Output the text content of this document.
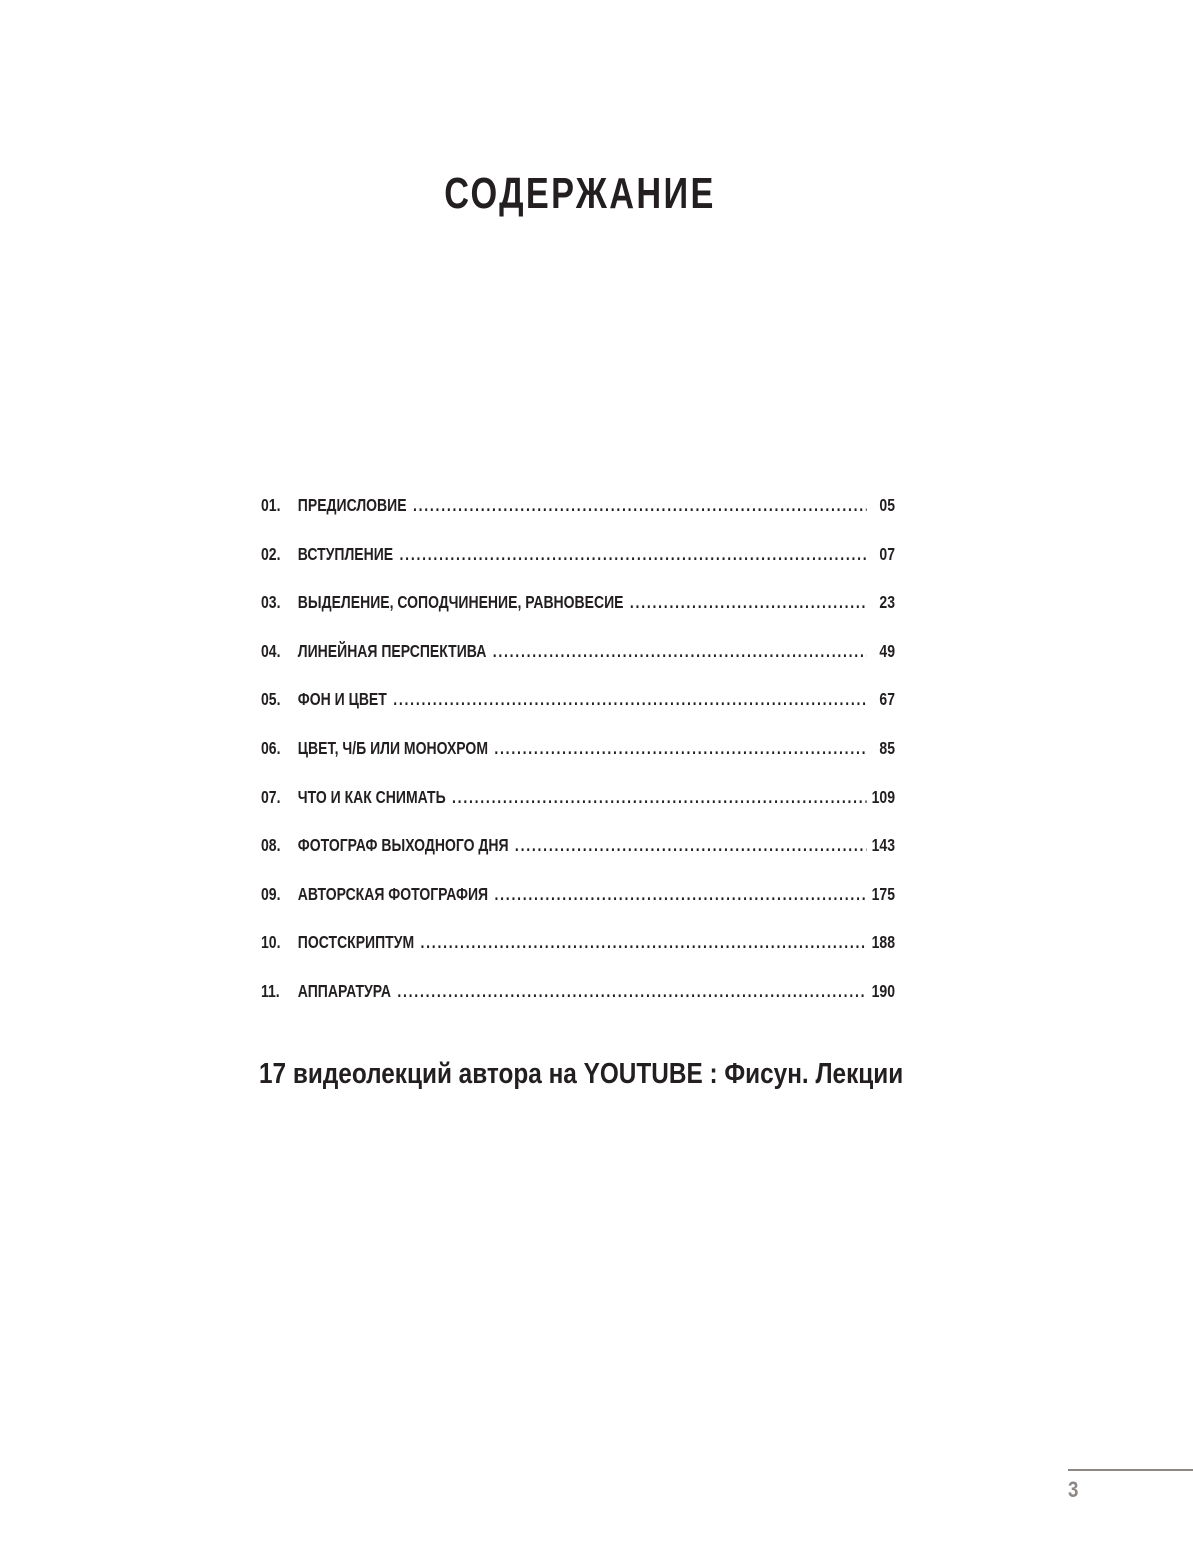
СОДЕРЖАНИЕ
01. ПРЕДИСЛОВИЕ .....	05
02. ВСТУПЛЕНИЕ .....	07
03. ВЫДЕЛЕНИЕ, СОПОДЧИНЕНИЕ, РАВНОВЕСИЕ .....	23
04. ЛИНЕЙНАЯ ПЕРСПЕКТИВА .....	49
05. ФОН И ЦВЕТ .....	67
06. ЦВЕТ, Ч/Б ИЛИ МОНОХРОМ .....	85
07. ЧТО И КАК СНИМАТЬ .....	109
08. ФОТОГРАФ ВЫХОДНОГО ДНЯ .....	143
09. АВТОРСКАЯ ФОТОГРАФИЯ .....	175
10. ПОСТСКРИПТУМ .....	188
11.	АППАРАТУРА .....	190

17 видеолекций автора на YOUTUBE : Фисун. Лекции

3
